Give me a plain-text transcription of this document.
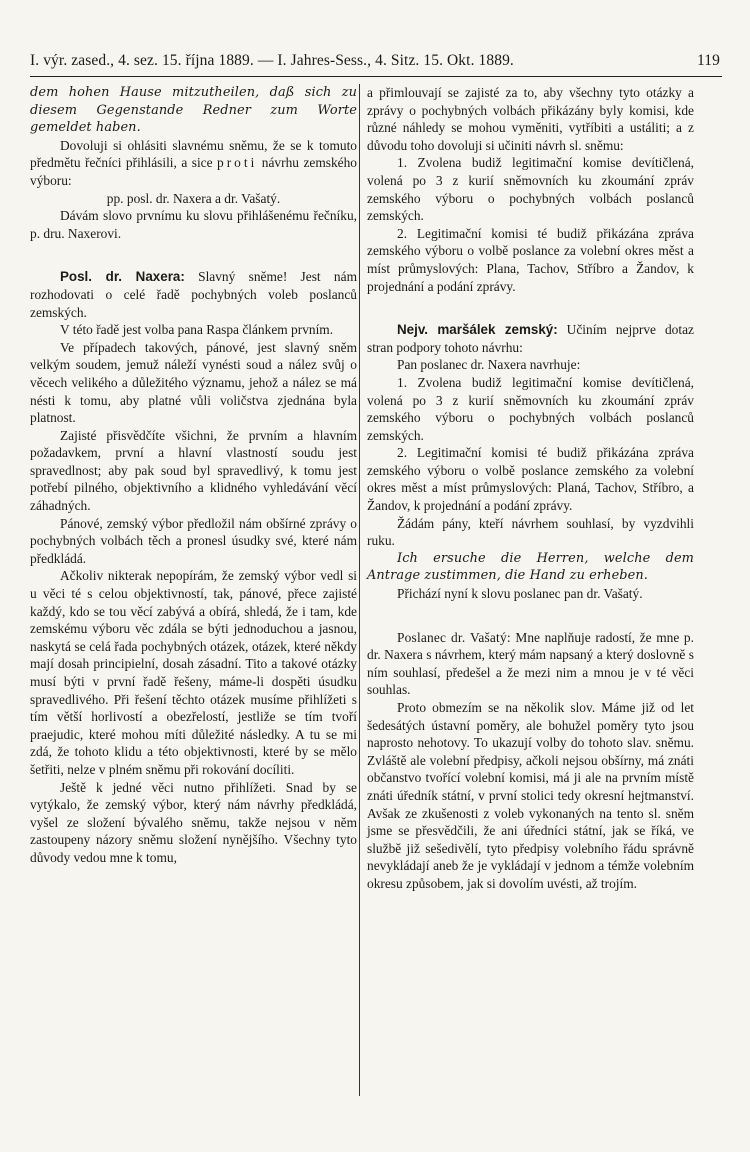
I. výr. zased., 4. sez. 15. října 1889. — I. Jahres-Sess., 4. Sitz. 15. Okt. 1889.	119

dem hohen Hause mitzutheilen, daß sich zu diesem Gegenstande Redner zum Worte gemeldet haben.

Dovoluji si ohlásiti slavnému sněmu, že se k tomuto předmětu řečníci přihlásili, a sice proti návrhu zemského výboru:

pp. posl. dr. Naxera a dr. Vašatý.

Dávám slovo prvnímu ku slovu přihlášenému řečníku, p. dru. Naxerovi.

Posl. dr. Naxera: Slavný sněme! Jest nám rozhodovati o celé řadě pochybných voleb poslanců zemských.

V této řadě jest volba pana Raspa článkem prvním.

Ve případech takových, pánové, jest slavný sněm velkým soudem, jemuž náleží vynésti soud a nález svůj o věcech velikého a důležitého významu, jehož a nález se má nésti k tomu, aby platné vůli voličstva zjednána byla platnost.

Zajisté přisvědčíte všichni, že prvním a hlavním požadavkem, první a hlavní vlastností soudu jest spravedlnost; aby pak soud byl spravedlivý, k tomu jest potřebí pilného, objektivního a klidného vyhledávání věcí záhadných.

Pánové, zemský výbor předložil nám obšírné zprávy o pochybných volbách těch a pronesl úsudky své, které nám předkládá.

Ačkoliv nikterak nepopírám, že zemský výbor vedl si u věci té s celou objektivností, tak, pánové, přece zajisté každý, kdo se tou věcí zabývá a obírá, shledá, že i tam, kde zemskému výboru věc zdála se býti jednoduchou a jasnou, naskytá se celá řada pochybných otázek, otázek, které někdy mají dosah principielní, dosah zásadní. Tito a takové otázky musí býti v první řadě řešeny, máme-li dospěti úsudku spravedlivého. Při řešení těchto otázek musíme přihlížeti s tím větší horlivostí a obezřelostí, jestliže se tím tvoří praejudic, které mohou míti důležité následky. A tu se mi zdá, že tohoto klidu a této objektivnosti, které by se mělo šetřiti, nelze v plném sněmu při rokování docíliti.

Ještě k jedné věci nutno přihlížeti. Snad by se vytýkalo, že zemský výbor, který nám návrhy předkládá, vyšel ze složení bývalého sněmu, takže nejsou v něm zastoupeny názory sněmu složení nynějšího. Všechny tyto důvody vedou mne k tomu,

a přimlouvají se zajisté za to, aby všechny tyto otázky a zprávy o pochybných volbách přikázány byly komisi, kde různé náhledy se mohou vyměniti, vytříbiti a ustáliti; a z důvodu toho dovoluji si učiniti návrh sl. sněmu:

1. Zvolena budiž legitimační komise devítičlená, volená po 3 z kurií sněmovních ku zkoumání zpráv zemského výboru o pochybných volbách poslanců zemských.

2. Legitimační komisi té budiž přikázána zpráva zemského výboru o volbě poslance za volební okres měst a míst průmyslových: Plana, Tachov, Stříbro a Žandov, k projednání a podání zprávy.

Nejv. maršálek zemský: Učiním nejprve dotaz stran podpory tohoto návrhu:

Pan poslanec dr. Naxera navrhuje:

1. Zvolena budiž legitimační komise devítičlená, volená po 3 z kurií sněmovních ku zkoumání zpráv zemského výboru o pochybných volbách poslanců zemských.

2. Legitimační komisi té budiž přikázána zpráva zemského výboru o volbě poslance zemského za volební okres měst a míst průmyslových: Planá, Tachov, Stříbro, a Žandov, k projednání a podání zprávy.

Žádám pány, kteří návrhem souhlasí, by vyzdvihli ruku.

Ich ersuche die Herren, welche dem Antrage zustimmen, die Hand zu erheben.

Přichází nyní k slovu poslanec pan dr. Vašatý.

Poslanec dr. Vašatý: Mne naplňuje radostí, že mne p. dr. Naxera s návrhem, který mám napsaný a který doslovně s ním souhlasí, předešel a že mezi nim a mnou je v té věci souhlas.

Proto obmezím se na několik slov. Máme již od let šedesátých ústavní poměry, ale bohužel poměry tyto jsou naprosto nehotovy. To ukazují volby do tohoto slav. sněmu. Zvláště ale volební předpisy, ačkoli nejsou obšírny, má znáti občanstvo tvořící volební komisi, má ji ale na prvním místě znáti úředník státní, v první stolici tedy okresní hejtmanství. Avšak ze zkušenosti z voleb vykonaných na tento sl. sněm jsme se přesvědčili, že ani úředníci státní, jak se říká, ve službě již sešedivělí, tyto předpisy volebního řádu správně nevykládají aneb že je vykládají v jednom a témže volebním okresu způsobem, jak si dovolím uvésti, až trojím.
